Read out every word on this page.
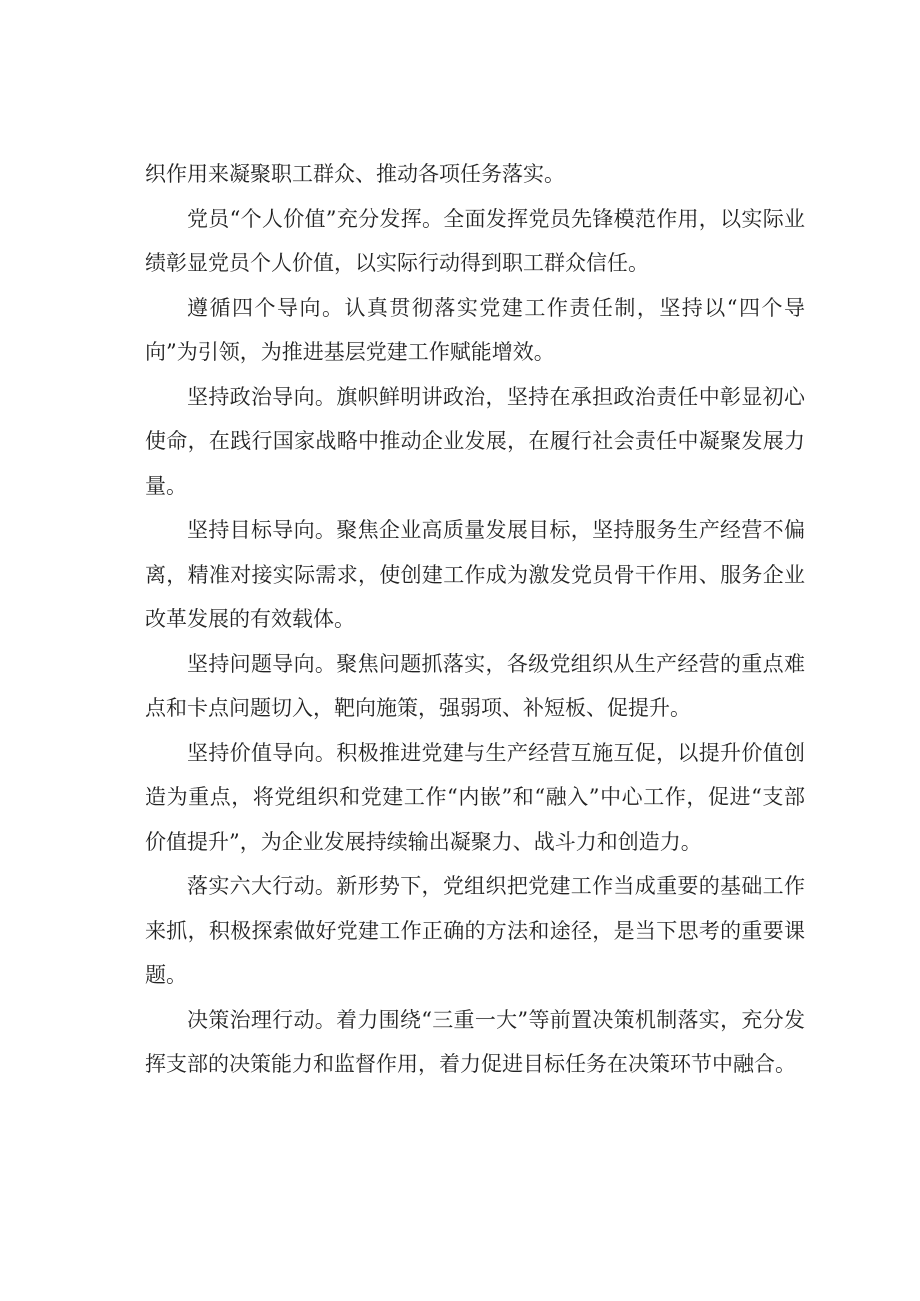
织作用来凝聚职工群众、推动各项任务落实。

党员“个人价值”充分发挥。全面发挥党员先锋模范作用，以实际业绩彰显党员个人价值，以实际行动得到职工群众信任。

遵循四个导向。认真贯彻落实党建工作责任制，坚持以“四个导向”为引领，为推进基层党建工作赋能增效。

坚持政治导向。旗帜鲜明讲政治，坚持在承担政治责任中彰显初心使命，在践行国家战略中推动企业发展，在履行社会责任中凝聚发展力量。

坚持目标导向。聚焦企业高质量发展目标，坚持服务生产经营不偏离，精准对接实际需求，使创建工作成为激发党员骨干作用、服务企业改革发展的有效载体。

坚持问题导向。聚焦问题抓落实，各级党组织从生产经营的重点难点和卡点问题切入，靶向施策，强弱项、补短板、促提升。

坚持价值导向。积极推进党建与生产经营互施互促，以提升价值创造为重点，将党组织和党建工作“内嵌”和“融入”中心工作，促进“支部价值提升”，为企业发展持续输出凝聚力、战斗力和创造力。

落实六大行动。新形势下，党组织把党建工作当成重要的基础工作来抓，积极探索做好党建工作正确的方法和途径，是当下思考的重要课题。

决策治理行动。着力围绕“三重一大”等前置决策机制落实，充分发挥支部的决策能力和监督作用，着力促进目标任务在决策环节中融合。
